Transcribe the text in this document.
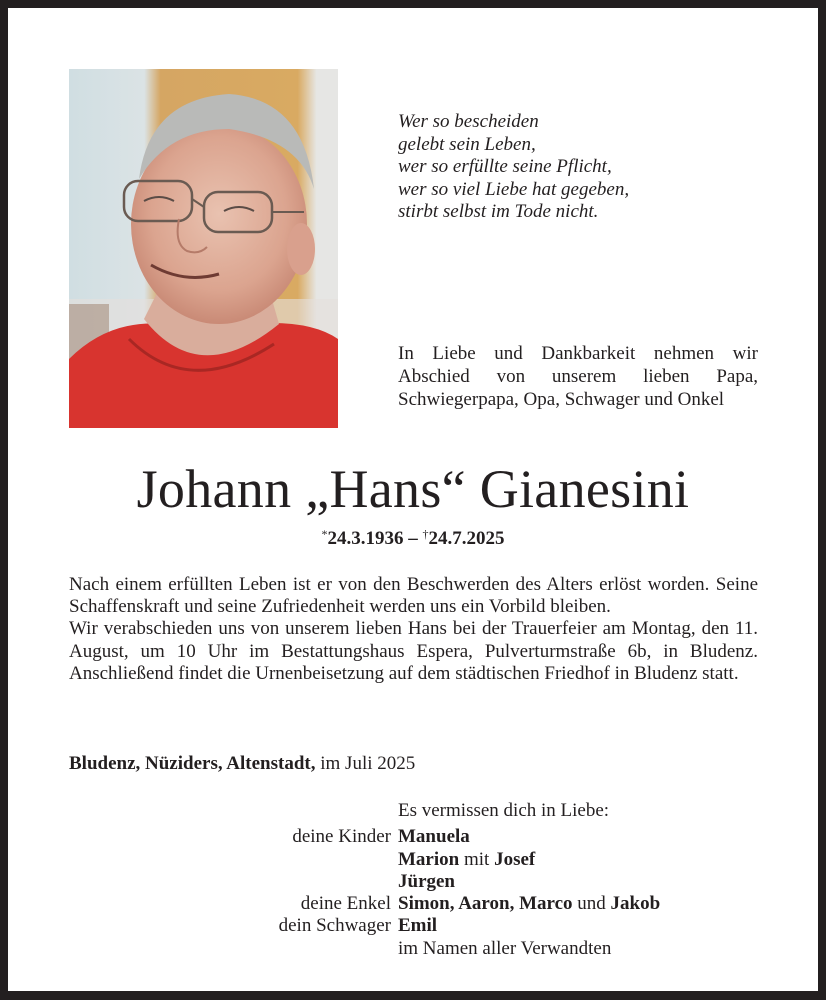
Wer so bescheiden
gelebt sein Leben,
wer so erfüllte seine Pflicht,
wer so viel Liebe hat gegeben,
stirbt selbst im Tode nicht.
In Liebe und Dankbarkeit nehmen wir Abschied von unserem lieben Papa, Schwiegerpapa, Opa, Schwager und Onkel
Johann „Hans“ Gianesini
*24.3.1936 – †24.7.2025

Nach einem erfüllten Leben ist er von den Beschwerden des Alters erlöst worden. Seine Schaffenskraft und seine Zufriedenheit werden uns ein Vorbild bleiben.

Wir verabschieden uns von unserem lieben Hans bei der Trauerfeier am Montag, den 11. August, um 10 Uhr im Bestattungshaus Espera, Pulverturmstraße 6b, in Bludenz. Anschließend findet die Urnenbeisetzung auf dem städtischen Friedhof in Bludenz statt.

Bludenz, Nüziders, Altenstadt, im Juli 2025
Es vermissen dich in Liebe:
deine Kinder Manuela
Marion mit Josef
Jürgen
deine Enkel Simon, Aaron, Marco und Jakob
dein Schwager Emil
im Namen aller Verwandten
